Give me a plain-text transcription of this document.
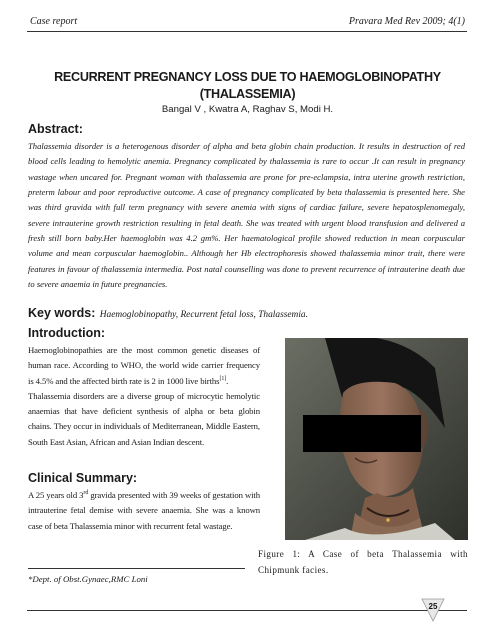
Case report	Pravara Med Rev 2009; 4(1)
RECURRENT PREGNANCY LOSS DUE TO HAEMOGLOBINOPATHY
(THALASSEMIA)
Bangal V , Kwatra A, Raghav S, Modi H.
Abstract:
Thalassemia disorder is a heterogenous disorder of alpha and beta globin chain production. It results in destruction of red blood cells leading to hemolytic anemia. Pregnancy complicated by thalassemia is rare to occur .It can result in pregnancy wastage when uncared for. Pregnant woman with thalassemia are prone for pre-eclampsia, intra uterine growth restriction, preterm labour and poor reproductive outcome. A case of pregnancy complicated by beta thalassemia is presented here. She was third gravida with full term pregnancy with severe anemia with signs of cardiac failure, severe hepatosplenomegaly, severe intrauterine growth restriction resulting in fetal death. She was treated with urgent blood transfusion and delivered a fresh still born baby.Her haemoglobin was 4.2 gm%. Her haematological profile showed reduction in mean corpuscular volume and mean corpuscular haemoglobin.. Although her Hb electrophoresis showed thalassemia minor trait, there were features in favour of thalassemia intermedia. Post natal counselling was done to prevent recurrence of intrauterine death due to severe anaemia in future pregnancies.
Key words: Haemoglobinopathy, Recurrent fetal loss, Thalassemia.
Introduction:

Haemoglobinopathies are the most common genetic diseases of human race. According to WHO, the world wide carrier frequency is 4.5% and the affected birth rate is 2 in 1000 live births[1].

Thalassemia disorders are a diverse group of microcytic hemolytic anaemias that have deficient synthesis of alpha or beta globin chains. They occur in individuals of Mediterranean, Middle Eastern, South East Asian, African and Asian Indian descent.

Clinical Summary:
A 25 years old 3rd gravida presented with 39 weeks of gestation with intrauterine fetal demise with severe anaemia. She was a known case of beta Thalassemia minor with recurrent fetal wastage.
*Dept. of Obst.Gynaec,RMC Loni
Figure 1: A Case of beta Thalassemia with Chipmunk facies.
25
